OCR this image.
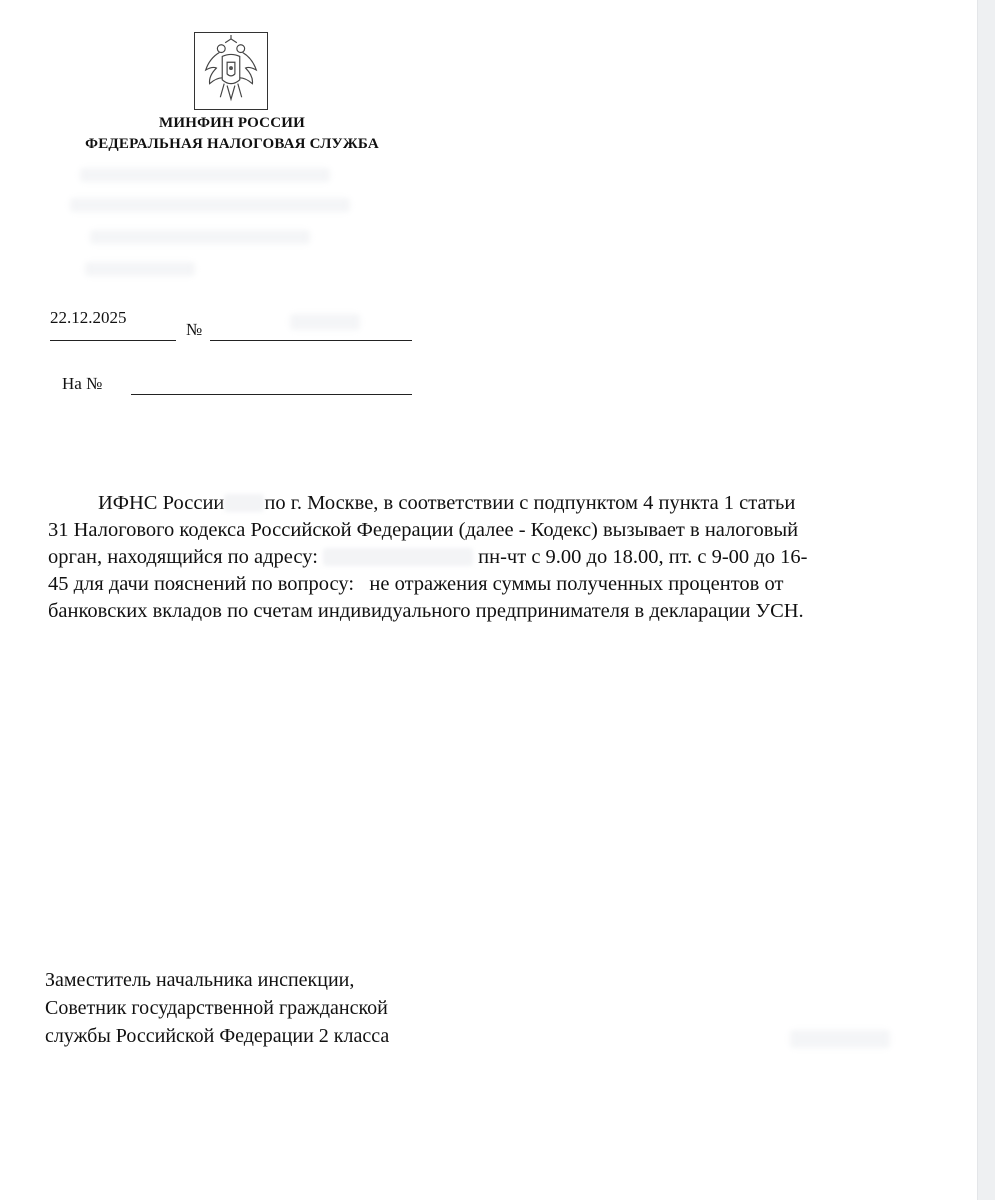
МИНФИН РОССИИ
ФЕДЕРАЛЬНАЯ НАЛОГОВАЯ СЛУЖБА
22.12.2025
№
На №
ИФНС России по г. Москве, в соответствии с подпунктом 4 пункта 1 статьи
31 Налогового кодекса Российской Федерации (далее - Кодекс) вызывает в налоговый
орган, находящийся по адресу:	пн-чт с 9.00 до 18.00, пт. с 9-00 до 16-
45 для дачи пояснений по вопросу:   не отражения суммы полученных процентов от
банковских вкладов по счетам индивидуального предпринимателя в декларации УСН.
Заместитель начальника инспекции,
Советник государственной гражданской
службы Российской Федерации 2 класса
